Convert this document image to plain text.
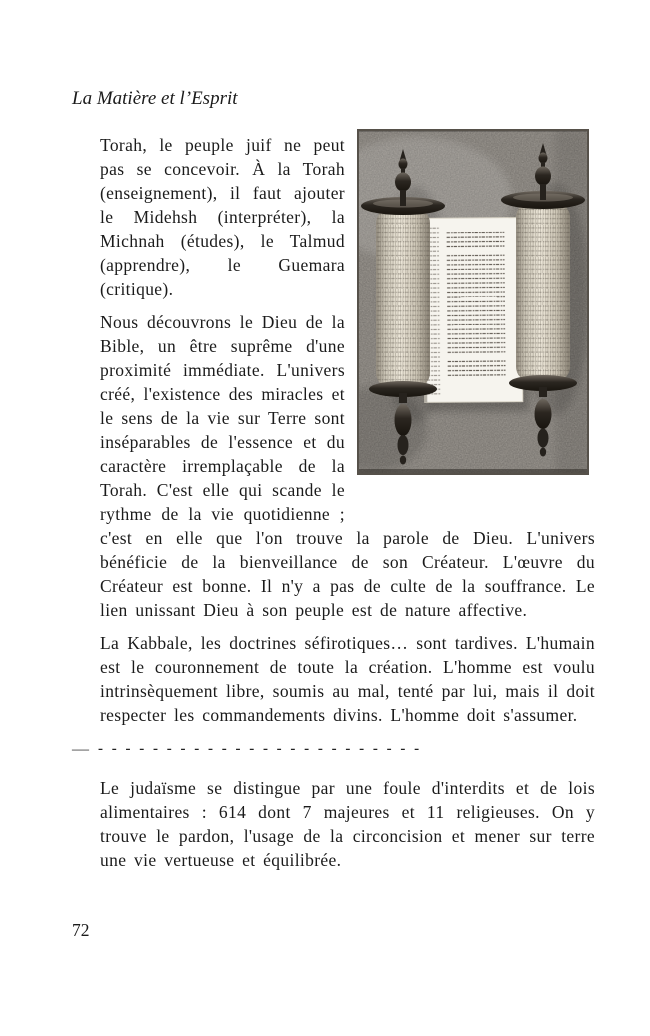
La Matière et l’Esprit

Torah, le peuple juif ne peut pas se concevoir. À la Torah (enseignement), il faut ajouter le Midehsh (interpréter), la Michnah (études), le Talmud (apprendre), le Guemara (critique).

Nous découvrons le Dieu de la Bible, un être suprême d'une proximité immédiate. L'univers créé, l'existence des miracles et le sens de la vie sur Terre sont inséparables de l'essence et du caractère irremplaçable de la Torah. C'est elle qui scande le rythme de la vie quotidienne ; c'est en elle que l'on trouve la parole de Dieu. L'univers bénéficie de la bienveillance de son Créateur. L'œuvre du Créateur est bonne. Il n'y a pas de culte de la souffrance. Le lien unissant Dieu à son peuple est de nature affective.

La Kabbale, les doctrines séfirotiques… sont tardives. L'humain est le couronnement de toute la création. L'homme est voulu intrinsèquement libre, soumis au mal, tenté par lui, mais il doit respecter les commandements divins. L'homme doit s'assumer.

— - - - - - - - - - - - - - - - - - - - - - - - -

Le judaïsme se distingue par une foule d'interdits et de lois alimentaires : 614 dont 7 majeures et 11 religieuses. On y trouve le pardon, l'usage de la circoncision et mener sur terre une vie vertueuse et équilibrée.

72
